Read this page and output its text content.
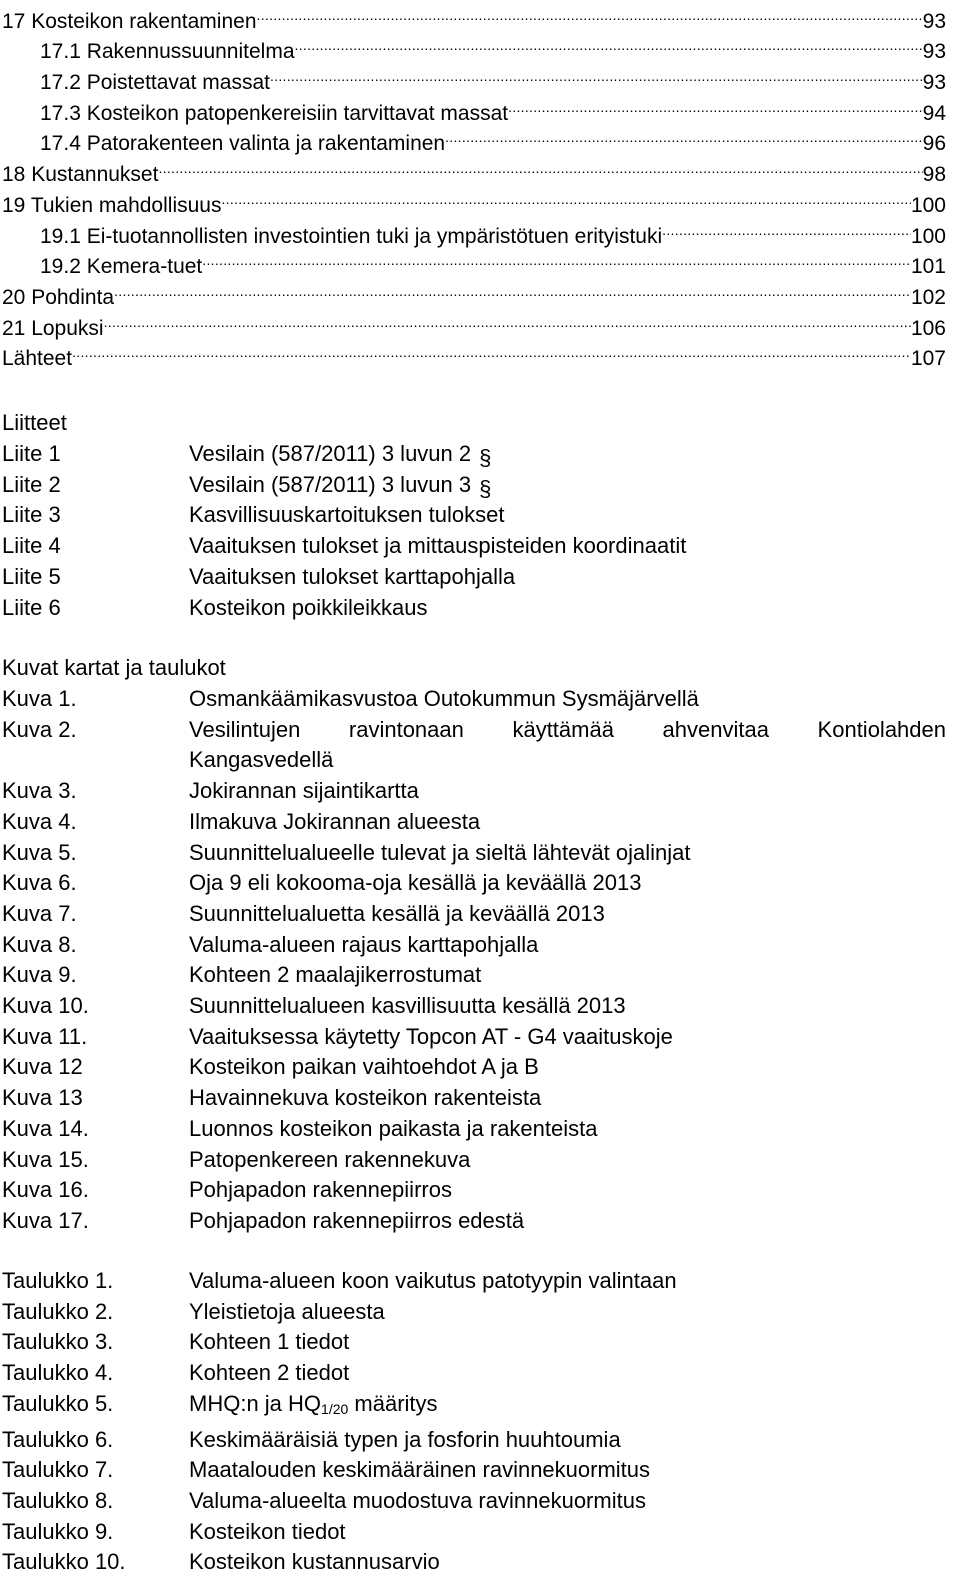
17 Kosteikon rakentaminen .....	93
17.1 Rakennussuunnitelma .....	93
17.2 Poistettavat massat .....	93
17.3 Kosteikon patopenkereisiin tarvittavat massat .....	94
17.4 Patorakenteen valinta ja rakentaminen .....	96
18 Kustannukset .....	98
19 Tukien mahdollisuus .....	100
19.1 Ei-tuotannollisten investointien tuki ja ympäristötuen erityistuki .....	100
19.2 Kemera-tuet .....	101
20 Pohdinta .....	102
21 Lopuksi .....	106
Lähteet .....	107
Liitteet
Liite 1	Vesilain (587/2011) 3 luvun 2 §
Liite 2	Vesilain (587/2011) 3 luvun 3 §
Liite 3	Kasvillisuuskartoituksen tulokset
Liite 4	Vaaituksen tulokset ja mittauspisteiden koordinaatit
Liite 5	Vaaituksen tulokset karttapohjalla
Liite 6	Kosteikon poikkileikkaus
Kuvat kartat ja taulukot
Kuva 1.	Osmankäämikasvustoa Outokummun Sysmäjärvellä
Kuva 2.	Vesilintujen ravintonaan käyttämää ahvenvitaa Kontiolahden
Kangasvedellä
Kuva 3.	Jokirannan sijaintikartta
Kuva 4.	Ilmakuva Jokirannan alueesta
Kuva 5.	Suunnittelualueelle tulevat ja sieltä lähtevät ojalinjat
Kuva 6.	Oja 9 eli kokooma-oja kesällä ja keväällä 2013
Kuva 7.	Suunnittelualuetta kesällä ja keväällä 2013
Kuva 8.	Valuma-alueen rajaus karttapohjalla
Kuva 9.	Kohteen 2 maalajikerrostumat
Kuva 10.	Suunnittelualueen kasvillisuutta kesällä 2013
Kuva 11.	Vaaituksessa käytetty Topcon AT - G4 vaaituskoje
Kuva 12	Kosteikon paikan vaihtoehdot A ja B
Kuva 13	Havainnekuva kosteikon rakenteista
Kuva 14.	Luonnos kosteikon paikasta ja rakenteista
Kuva 15.	Patopenkereen rakennekuva
Kuva 16.	Pohjapadon rakennepiirros
Kuva 17.	Pohjapadon rakennepiirros edestä
Taulukko 1.	Valuma-alueen koon vaikutus patotyypin valintaan
Taulukko 2.	Yleistietoja alueesta
Taulukko 3.	Kohteen 1 tiedot
Taulukko 4.	Kohteen 2 tiedot
Taulukko 5.	MHQ:n ja $HQ_{1/20}$ määritys
Taulukko 6.	Keskimääräisiä typen ja fosforin huuhtoumia
Taulukko 7.	Maatalouden keskimääräinen ravinnekuormitus
Taulukko 8.	Valuma-alueelta muodostuva ravinnekuormitus
Taulukko 9.	Kosteikon tiedot
Taulukko 10.	Kosteikon kustannusarvio
